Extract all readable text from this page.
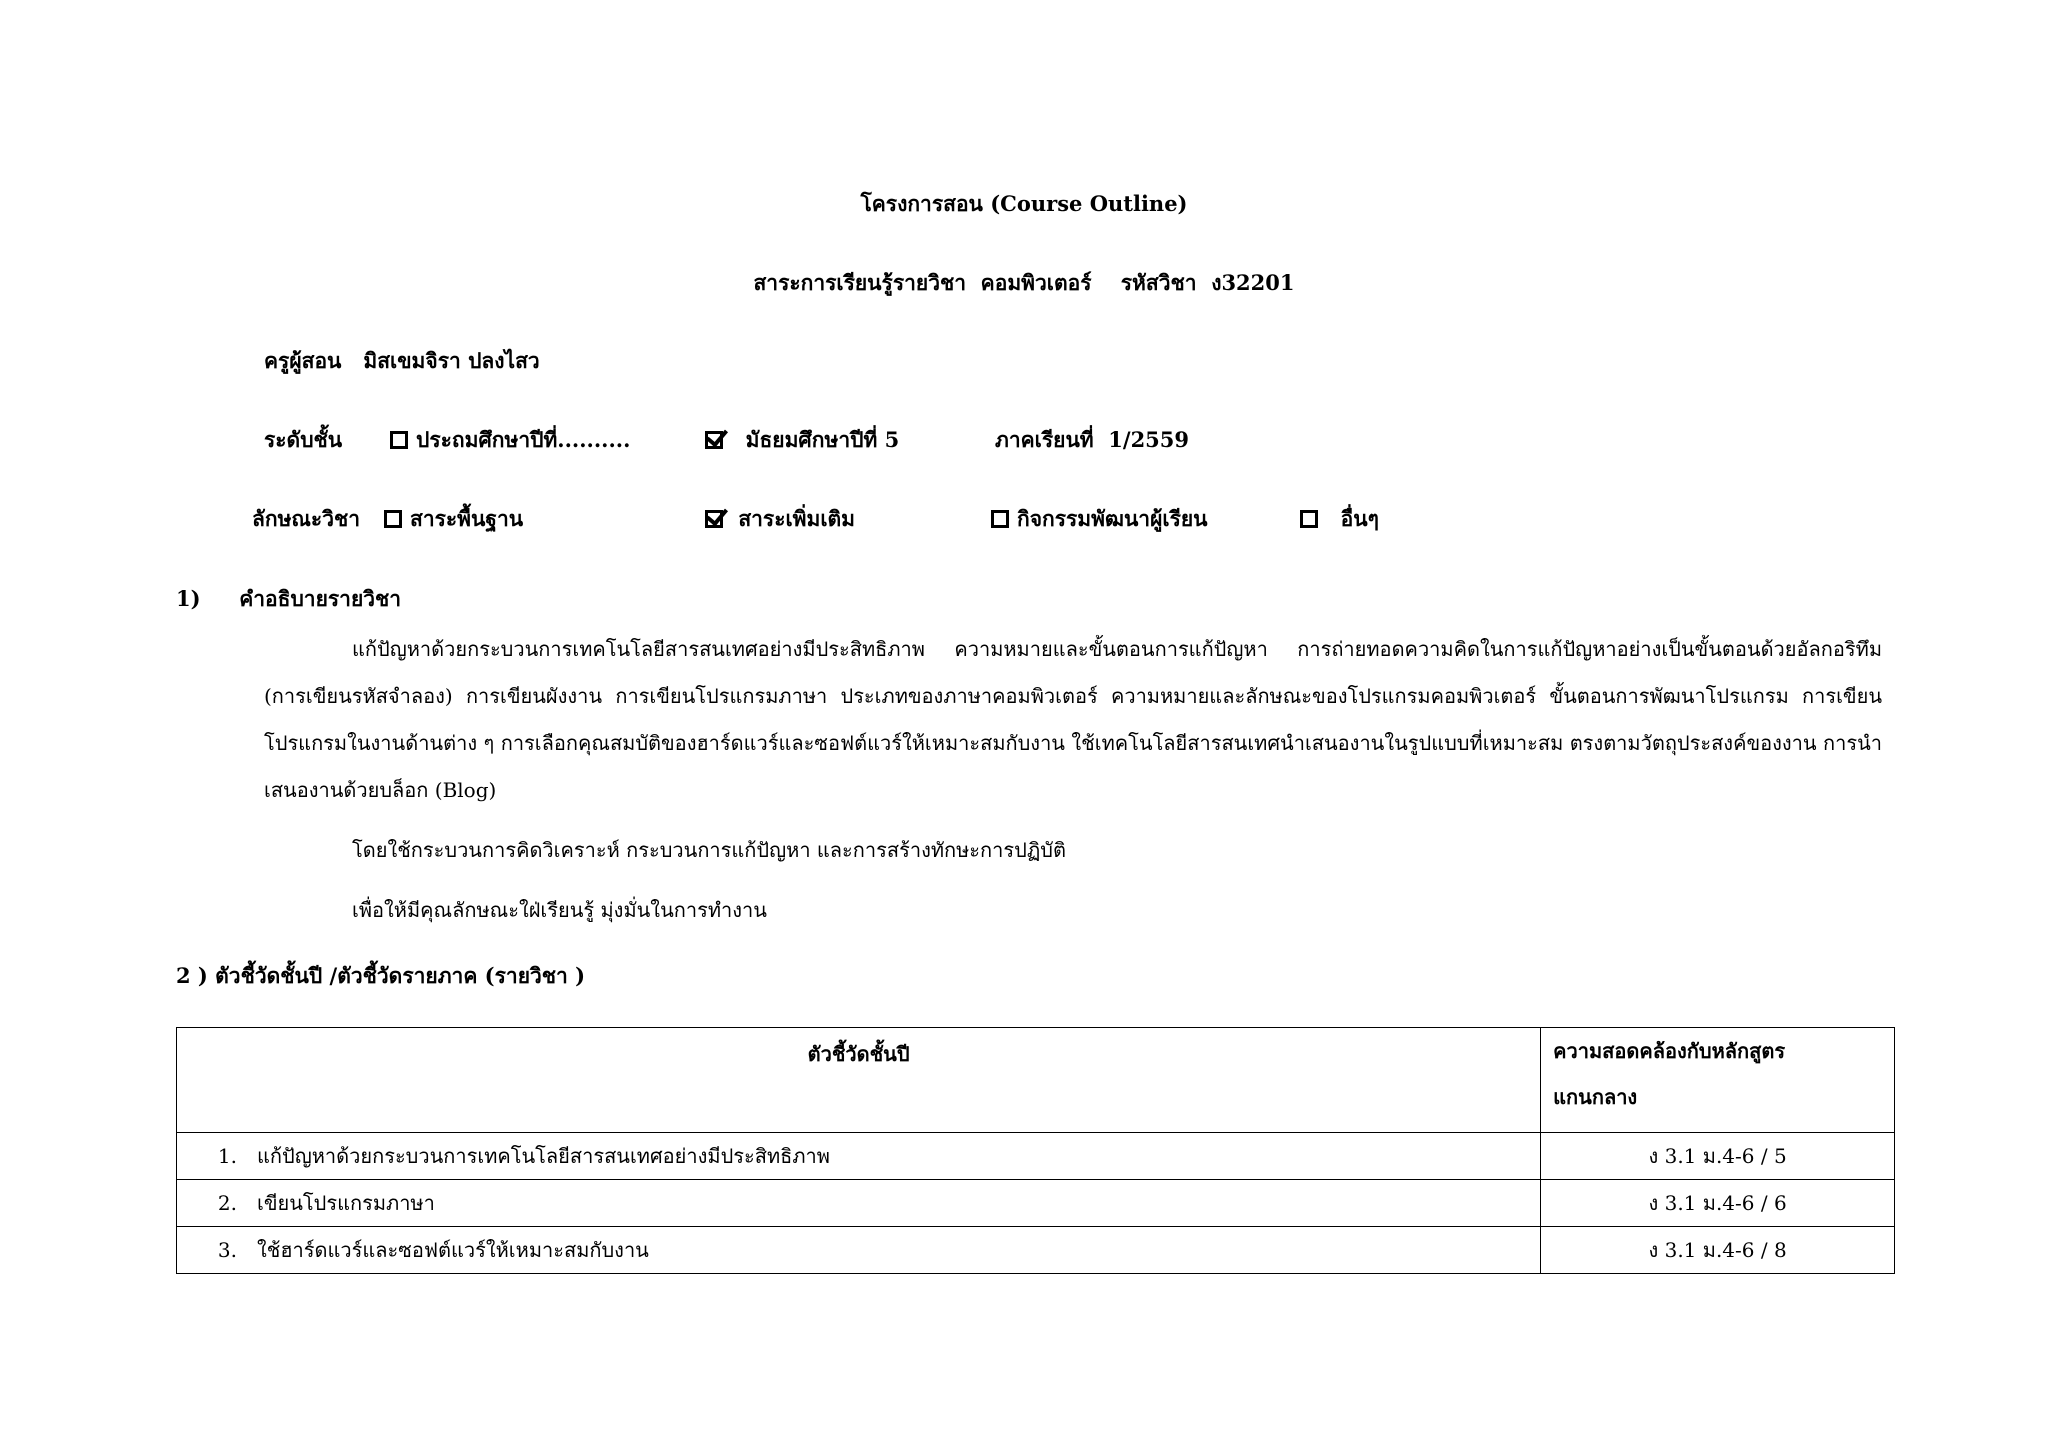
โครงการสอน (Course Outline)
สาระการเรียนรู้รายวิชา คอมพิวเตอร์ รหัสวิชา ง32201
ครูผู้สอน มิสเขมจิรา ปลงไสว
ระดับชั้น	ประถมศึกษาปีที่..........	มัธยมศึกษาปีที่ 5	ภาคเรียนที่ 1/2559
ลักษณะวิชา	สาระพื้นฐาน	สาระเพิ่มเติม	กิจกรรมพัฒนาผู้เรียน	อื่นๆ
1) คำอธิบายรายวิชา
แก้ปัญหาด้วยกระบวนการเทคโนโลยีสารสนเทศอย่างมีประสิทธิภาพ ความหมายและขั้นตอนการแก้ปัญหา การถ่ายทอดความคิดในการแก้ปัญหาอย่างเป็นขั้นตอนด้วยอัลกอริทึม (การเขียนรหัสจำลอง) การเขียนผังงาน การเขียนโปรแกรมภาษา ประเภทของภาษาคอมพิวเตอร์ ความหมายและลักษณะของโปรแกรมคอมพิวเตอร์ ขั้นตอนการพัฒนาโปรแกรม การเขียนโปรแกรมในงานด้านต่าง ๆ การเลือกคุณสมบัติของฮาร์ดแวร์และซอฟต์แวร์ให้เหมาะสมกับงาน ใช้เทคโนโลยีสารสนเทศนำเสนองานในรูปแบบที่เหมาะสม ตรงตามวัตถุประสงค์ของงาน การนำเสนองานด้วยบล็อก (Blog)
โดยใช้กระบวนการคิดวิเคราะห์ กระบวนการแก้ปัญหา และการสร้างทักษะการปฏิบัติ
เพื่อให้มีคุณลักษณะใฝ่เรียนรู้ มุ่งมั่นในการทำงาน
2 ) ตัวชี้วัดชั้นปี /ตัวชี้วัดรายภาค (รายวิชา )
ตัวชี้วัดชั้นปี	ความสอดคล้องกับหลักสูตร
แกนกลาง
1. แก้ปัญหาด้วยกระบวนการเทคโนโลยีสารสนเทศอย่างมีประสิทธิภาพ	ง 3.1 ม.4-6 / 5
2. เขียนโปรแกรมภาษา	ง 3.1 ม.4-6 / 6
3. ใช้ฮาร์ดแวร์และซอฟต์แวร์ให้เหมาะสมกับงาน	ง 3.1 ม.4-6 / 8
